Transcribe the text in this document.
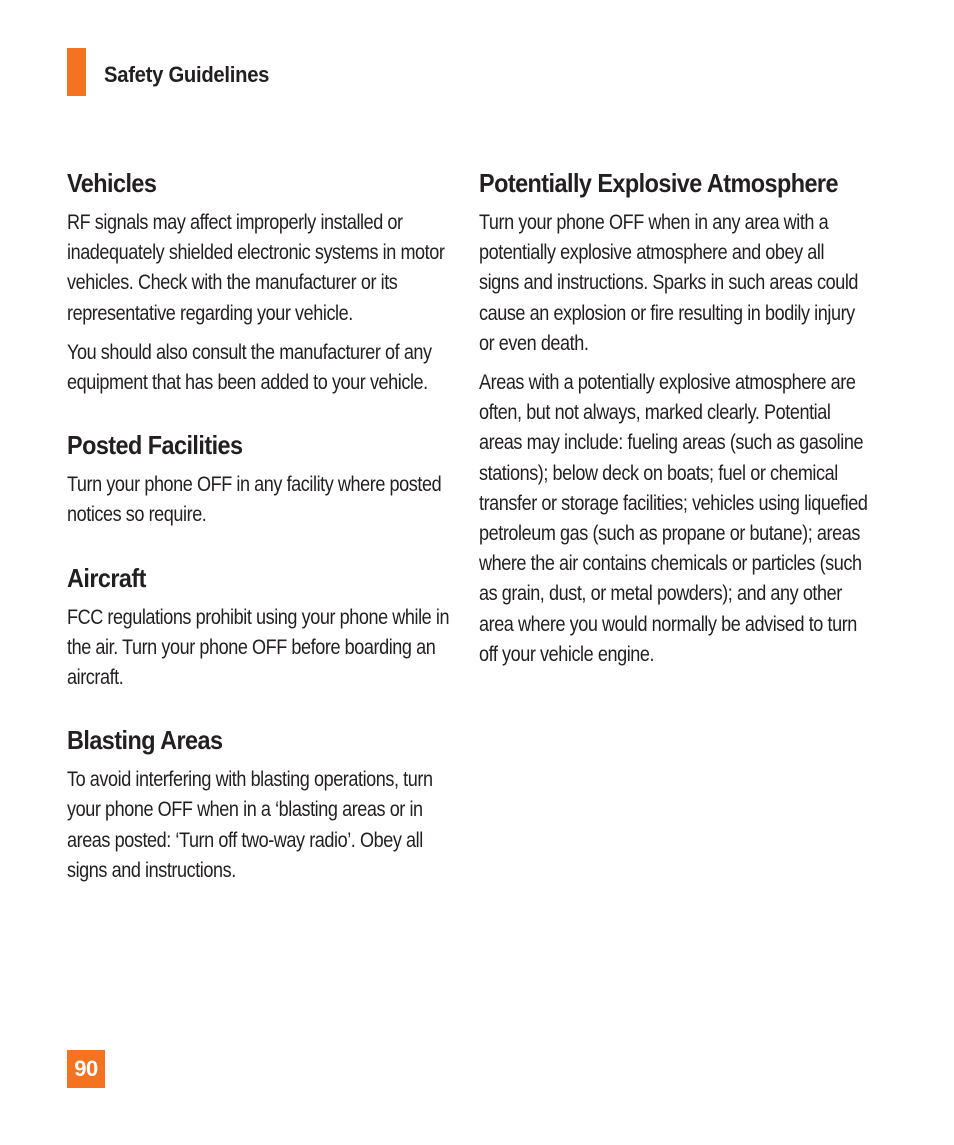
Safety Guidelines
Vehicles

RF signals may affect improperly installed or inadequately shielded electronic systems in motor vehicles. Check with the manufacturer or its representative regarding your vehicle.

You should also consult the manufacturer of any equipment that has been added to your vehicle.

Posted Facilities

Turn your phone OFF in any facility where posted notices so require.

Aircraft

FCC regulations prohibit using your phone while in the air. Turn your phone OFF before boarding an aircraft.

Blasting Areas

To avoid interfering with blasting operations, turn your phone OFF when in a ‘blasting areas or in areas posted: ‘Turn off two-way radio’. Obey all signs and instructions.

Potentially Explosive Atmosphere

Turn your phone OFF when in any area with a potentially explosive atmosphere and obey all signs and instructions. Sparks in such areas could cause an explosion or fire resulting in bodily injury or even death.

Areas with a potentially explosive atmosphere are often, but not always, marked clearly. Potential areas may include: fueling areas (such as gasoline stations); below deck on boats; fuel or chemical transfer or storage facilities; vehicles using liquefied petroleum gas (such as propane or butane); areas where the air contains chemicals or particles (such as grain, dust, or metal powders); and any other area where you would normally be advised to turn off your vehicle engine.

90
